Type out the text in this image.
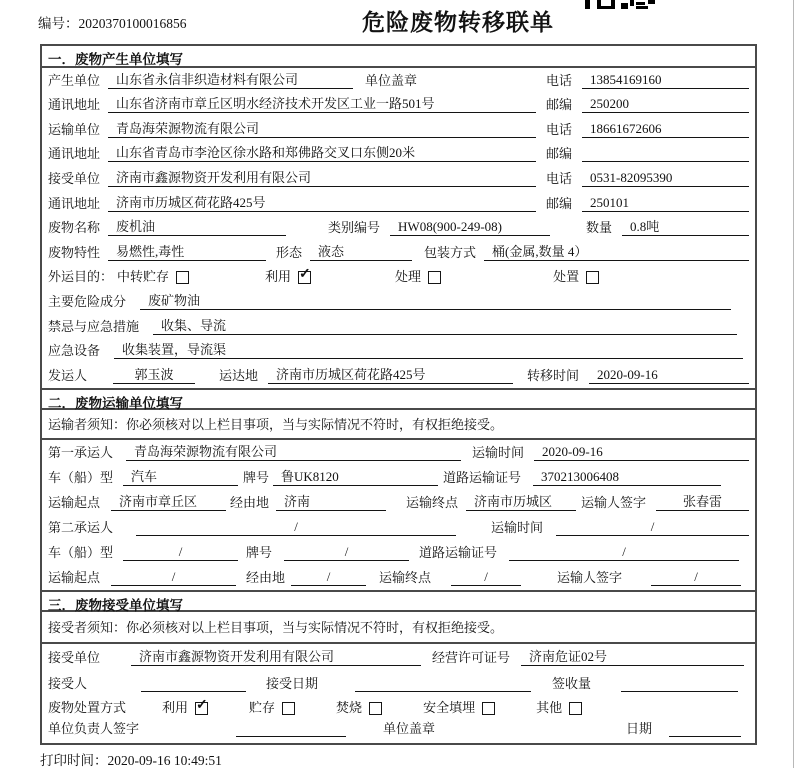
编号：2020370100016856	危险废物转移联单
一．废物产生单位填写
产生单位	山东省永信非织造材料有限公司	单位盖章	电话	13854169160
通讯地址	山东省济南市章丘区明水经济技术开发区工业一路501号	邮编	250200
运输单位	青岛海荣源物流有限公司	电话	18661672606
通讯地址	山东省青岛市李沧区徐水路和郑佛路交叉口东侧20米	邮编
接受单位	济南市鑫源物资开发利用有限公司	电话	0531-82095390
通讯地址	济南市历城区荷花路425号	邮编	250101
废物名称	废机油	类别编号	HW08(900-249-08)	数量	0.8吨
废物特性	易燃性,毒性	形态	液态	包装方式	桶(金属,数量 4）
外运目的： 中转贮存	利用 ✓	处理	处置
主要危险成分	废矿物油
禁忌与应急措施	收集、导流
应急设备	收集装置，导流渠
发运人	郭玉波	运达地	济南市历城区荷花路425号	转移时间	2020-09-16
二．废物运输单位填写
运输者须知：你必须核对以上栏目事项，当与实际情况不符时，有权拒绝接受。
第一承运人	青岛海荣源物流有限公司	运输时间	2020-09-16
车（船）型	汽车	牌号 鲁UK8120	道路运输证号	370213006408
运输起点	济南市章丘区	经由地	济南	运输终点	济南市历城区	运输人签字	张春雷
第二承运人	/	运输时间	/
车（船）型	/	牌号	/	道路运输证号	/
运输起点	/	经由地	/	运输终点	/	运输人签字	/
三．废物接受单位填写
接受者须知：你必须核对以上栏目事项，当与实际情况不符时，有权拒绝接受。
接受单位	济南市鑫源物资开发利用有限公司	经营许可证号	济南危证02号
接受人	接受日期	签收量
废物处置方式	利用 ✓	贮存	焚烧	安全填埋	其他
单位负责人签字	单位盖章	日期
打印时间：2020-09-16 10:49:51
